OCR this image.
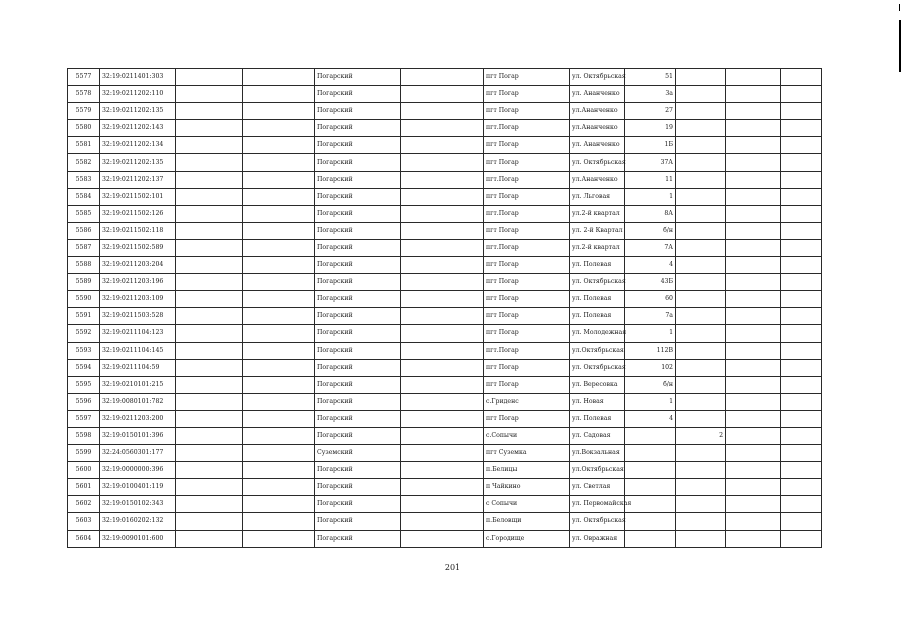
5577	32:19:0211401:303			Погарский		пгт Погар	ул. Октябрьская	51			
5578	32:19:0211202:110			Погарский		пгт Погар	ул. Ананченко	3а			
5579	32:19:0211202:135			Погарский		пгт Погар	ул.Ананченко	27			
5580	32:19:0211202:143			Погарский		пгт.Погар	ул.Ананченко	19			
5581	32:19:0211202:134			Погарский		пгт Погар	ул. Ананченко	1Б			
5582	32:19:0211202:135			Погарский		пгт Погар	ул. Октябрьская	37А			
5583	32:19:0211202:137			Погарский		пгт.Погар	ул.Ананченко	11			
5584	32:19:0211502:101			Погарский		пгт Погар	ул. Льговая	1			
5585	32:19:0211502:126			Погарский		пгт.Погар	ул.2-й квартал	8А			
5586	32:19:0211502:118			Погарский		пгт Погар	ул. 2-й Квартал	б/н			
5587	32:19:0211502:589			Погарский		пгт.Погар	ул.2-й квартал	7А			
5588	32:19:0211203:204			Погарский		пгт Погар	ул. Полевая	4			
5589	32:19:0211203:196			Погарский		пгт Погар	ул. Октябрьская	43Б			
5590	32:19:0211203:109			Погарский		пгт Погар	ул. Полевая	60			
5591	32:19:0211503:528			Погарский		пгт Погар	ул. Полевая	7а			
5592	32:19:0211104:123			Погарский		пгт Погар	ул. Молодежная	1			
5593	32:19:0211104:145			Погарский		пгт.Погар	ул.Октябрьская	112В			
5594	32:19:0211104:59			Погарский		пгт Погар	ул. Октябрьская	102			
5595	32:19:0210101:215			Погарский		пгт Погар	ул. Вересовка	б/н			
5596	32:19:0080101:782			Погарский		с.Гриденс	ул. Новая	1			
5597	32:19:0211203:200			Погарский		пгт Погар	ул. Полевая	4			
5598	32:19:0150101:396			Погарский		с.Сопычи	ул. Садовая		2		
5599	32:24:0560301:177			Суземский		пгт Суземка	ул.Вокзальная				
5600	32:19:0000000:396			Погарский		п.Белицы	ул.Октябрьская				
5601	32:19:0100401:119			Погарский		п Чайкино	ул. Светлая				
5602	32:19:0150102:343			Погарский		с Сопычи	ул. Первомайская				
5603	32:19:0160202:132			Погарский		п.Беловщи	ул. Октябрьская				
5604	32:19:0090101:600			Погарский		с.Городище	ул. Овражная				
201
